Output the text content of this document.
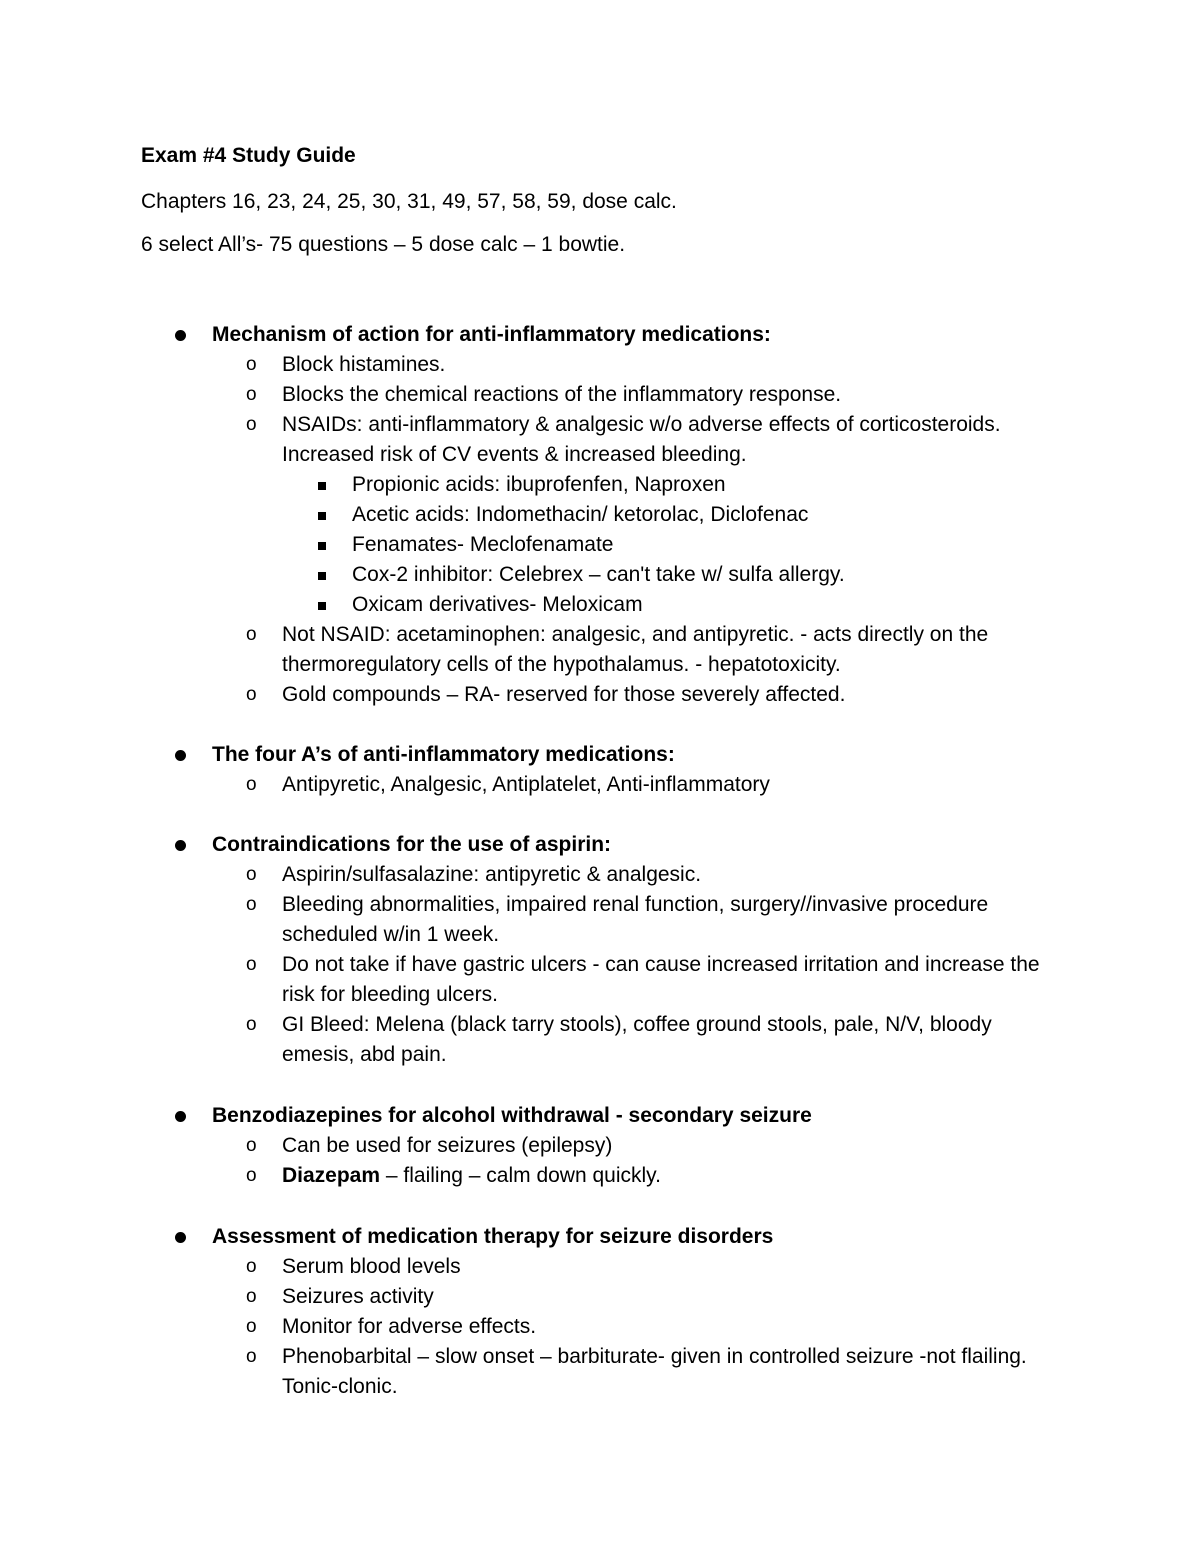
Exam #4 Study Guide
Chapters 16, 23, 24, 25, 30, 31, 49, 57, 58, 59, dose calc.
6 select All’s- 75 questions – 5 dose calc – 1 bowtie.
Mechanism of action for anti-inflammatory medications:
o Block histamines.
o Blocks the chemical reactions of the inflammatory response.
o NSAIDs: anti-inflammatory & analgesic w/o adverse effects of corticosteroids. Increased risk of CV events & increased bleeding.
Propionic acids: ibuprofenfen, Naproxen
Acetic acids: Indomethacin/ ketorolac, Diclofenac
Fenamates- Meclofenamate
Cox-2 inhibitor: Celebrex – can't take w/ sulfa allergy.
Oxicam derivatives- Meloxicam
o Not NSAID: acetaminophen: analgesic, and antipyretic. - acts directly on the thermoregulatory cells of the hypothalamus. - hepatotoxicity.
o Gold compounds – RA- reserved for those severely affected.
The four A’s of anti-inflammatory medications:
o Antipyretic, Analgesic, Antiplatelet, Anti-inflammatory
Contraindications for the use of aspirin:
o Aspirin/sulfasalazine: antipyretic & analgesic.
o Bleeding abnormalities, impaired renal function, surgery//invasive procedure scheduled w/in 1 week.
o Do not take if have gastric ulcers - can cause increased irritation and increase the risk for bleeding ulcers.
o GI Bleed: Melena (black tarry stools), coffee ground stools, pale, N/V, bloody emesis, abd pain.
Benzodiazepines for alcohol withdrawal - secondary seizure
o Can be used for seizures (epilepsy)
o Diazepam – flailing – calm down quickly.
Assessment of medication therapy for seizure disorders
o Serum blood levels
o Seizures activity
o Monitor for adverse effects.
o Phenobarbital – slow onset – barbiturate- given in controlled seizure -not flailing. Tonic-clonic.
